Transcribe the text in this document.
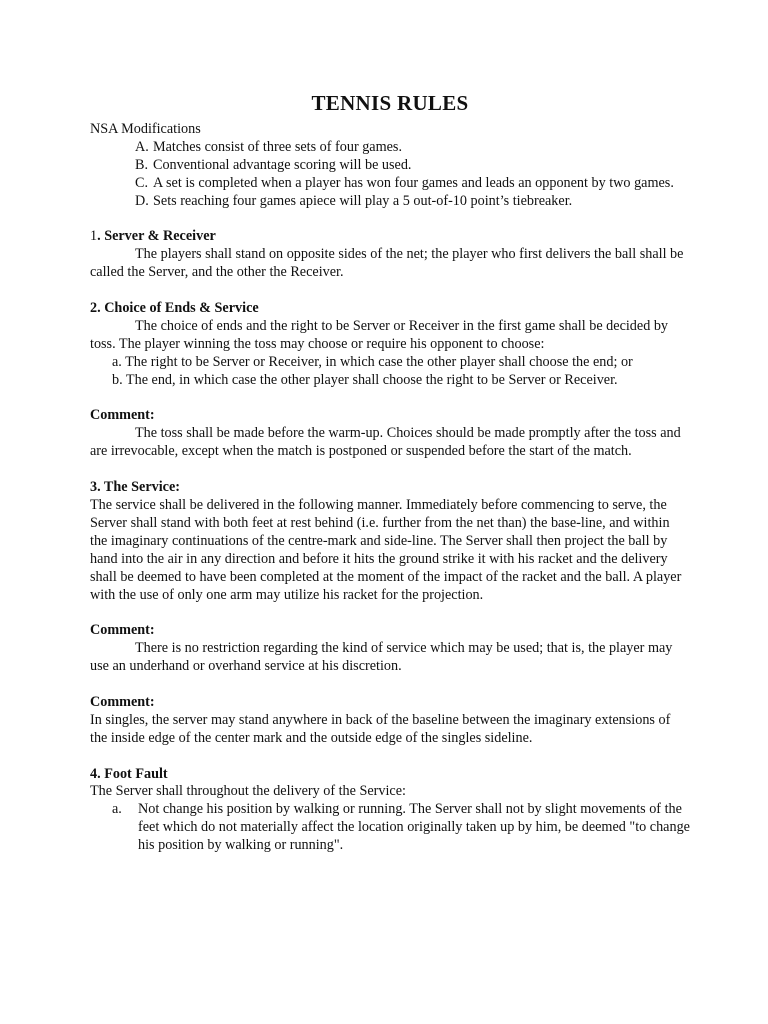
TENNIS RULES

NSA Modifications

A. Matches consist of three sets of four games.
B. Conventional advantage scoring will be used.
C. A set is completed when a player has won four games and leads an opponent by two games.
D. Sets reaching four games apiece will play a 5 out-of-10 point’s tiebreaker.

1. Server & Receiver

The players shall stand on opposite sides of the net; the player who first delivers the ball shall be called the Server, and the other the Receiver.

2. Choice of Ends & Service

The choice of ends and the right to be Server or Receiver in the first game shall be decided by toss. The player winning the toss may choose or require his opponent to choose:

a. The right to be Server or Receiver, in which case the other player shall choose the end; or

b. The end, in which case the other player shall choose the right to be Server or Receiver.

Comment:

The toss shall be made before the warm-up. Choices should be made promptly after the toss and are irrevocable, except when the match is postponed or suspended before the start of the match.

3. The Service:

The service shall be delivered in the following manner. Immediately before commencing to serve, the Server shall stand with both feet at rest behind (i.e. further from the net than) the base-line, and within the imaginary continuations of the centre-mark and side-line. The Server shall then project the ball by hand into the air in any direction and before it hits the ground strike it with his racket and the delivery shall be deemed to have been completed at the moment of the impact of the racket and the ball. A player with the use of only one arm may utilize his racket for the projection.

Comment:

There is no restriction regarding the kind of service which may be used; that is, the player may use an underhand or overhand service at his discretion.

Comment:

In singles, the server may stand anywhere in back of the baseline between the imaginary extensions of the inside edge of the center mark and the outside edge of the singles sideline.

4. Foot Fault

The Server shall throughout the delivery of the Service:

a. Not change his position by walking or running. The Server shall not by slight movements of the feet which do not materially affect the location originally taken up by him, be deemed "to change his position by walking or running".
